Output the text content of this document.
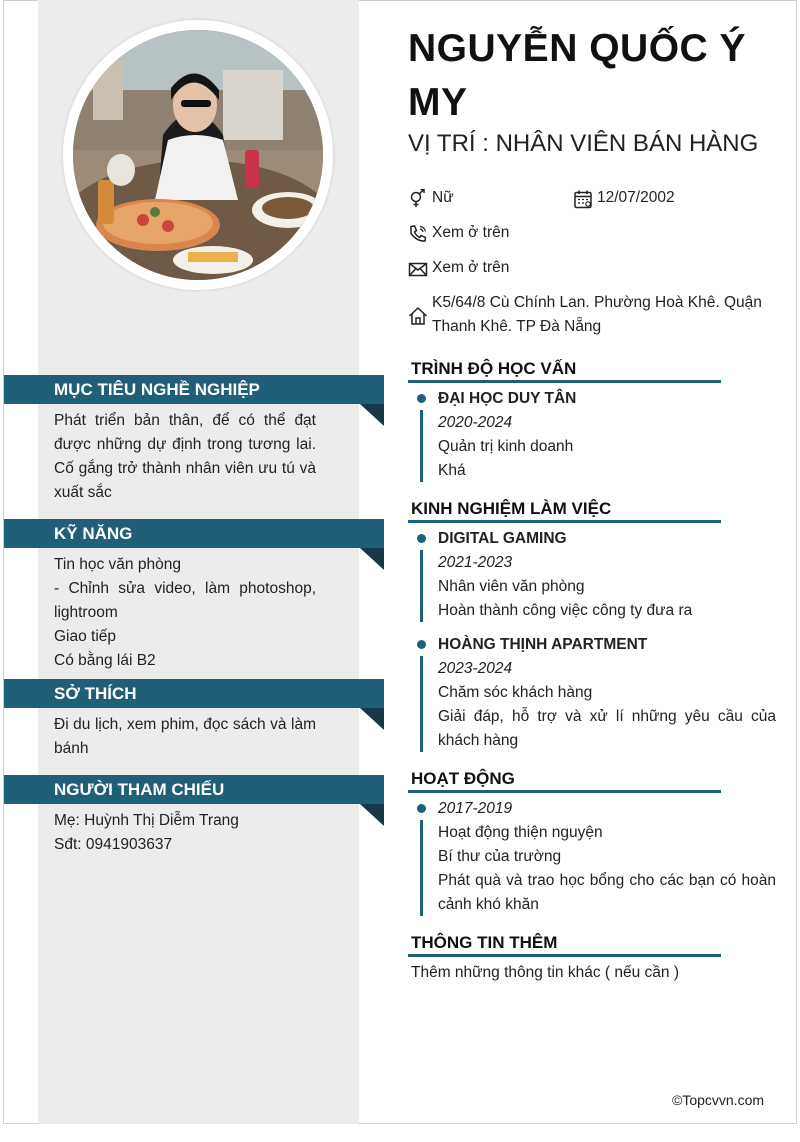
MỤC TIÊU NGHỀ NGHIỆP
Phát triển bản thân, để có thể đạt được những dự định trong tương lai. Cố gắng trở thành nhân viên ưu tú và xuất sắc
KỸ NĂNG
Tin học văn phòng
- Chỉnh sửa video, làm photoshop, lightroom
Giao tiếp
Có bằng lái B2
SỞ THÍCH
Đi du lịch, xem phim, đọc sách và làm bánh
NGƯỜI THAM CHIẾU
Mẹ: Huỳnh Thị Diễm Trang
Sđt: 0941903637
NGUYỄN QUỐC Ý MY
VỊ TRÍ : NHÂN VIÊN BÁN HÀNG
Nữ	12/07/2002
Xem ở trên
Xem ở trên
K5/64/8 Cù Chính Lan. Phường Hoà Khê. Quận Thanh Khê. TP Đà Nẵng
TRÌNH ĐỘ HỌC VẤN
ĐẠI HỌC DUY TÂN
2020-2024
Quản trị kinh doanh
Khá
KINH NGHIỆM LÀM VIỆC
DIGITAL GAMING
2021-2023
Nhân viên văn phòng
Hoàn thành công việc công ty đưa ra
HOÀNG THỊNH APARTMENT
2023-2024
Chăm sóc khách hàng
Giải đáp, hỗ trợ và xử lí những yêu cầu của khách hàng
HOẠT ĐỘNG
2017-2019
Hoạt động thiện nguyện
Bí thư của trường
Phát quà và trao học bổng cho các bạn có hoàn cảnh khó khăn
THÔNG TIN THÊM
Thêm những thông tin khác ( nếu cần )
©Topcvvn.com
